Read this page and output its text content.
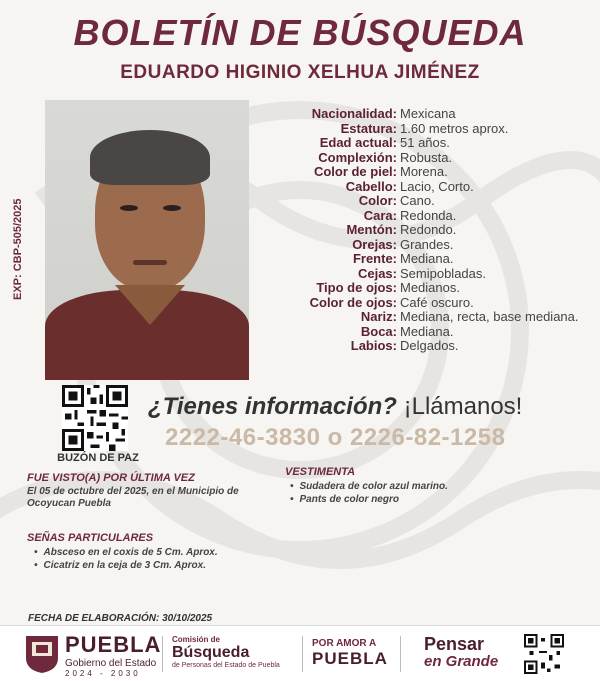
BOLETÍN DE BÚSQUEDA
EDUARDO HIGINIO XELHUA JIMÉNEZ
EXP: CBP-505/2025
Nacionalidad: Mexicana
Estatura: 1.60 metros aprox.
Edad actual: 51 años.
Complexión: Robusta.
Color de piel: Morena.
Cabello: Lacio, Corto.
Color: Cano.
Cara: Redonda.
Mentón: Redondo.
Orejas: Grandes.
Frente: Mediana.
Cejas: Semipobladas.
Tipo de ojos: Medianos.
Color de ojos: Café oscuro.
Nariz: Mediana, recta, base mediana.
Boca: Mediana.
Labios: Delgados.
BUZÓN DE PAZ
¿Tienes información? ¡Llámanos!
2222-46-3830 o 2226-82-1258
FUE VISTO(A) POR ÚLTIMA VEZ
El 05 de octubre del 2025, en el Municipio de Ocoyucan Puebla
VESTIMENTA
• Sudadera de color azul marino.
• Pants de color negro
SEÑAS PARTICULARES
• Absceso en el coxis de 5 Cm. Aprox.
• Cicatriz en la ceja de 3 Cm. Aprox.
FECHA DE ELABORACIÓN: 30/10/2025
PUEBLA
Gobierno del Estado
2024 - 2030
Comisión de
Búsqueda
de Personas del Estado de Puebla
POR AMOR A
PUEBLA
Pensar
en Grande
